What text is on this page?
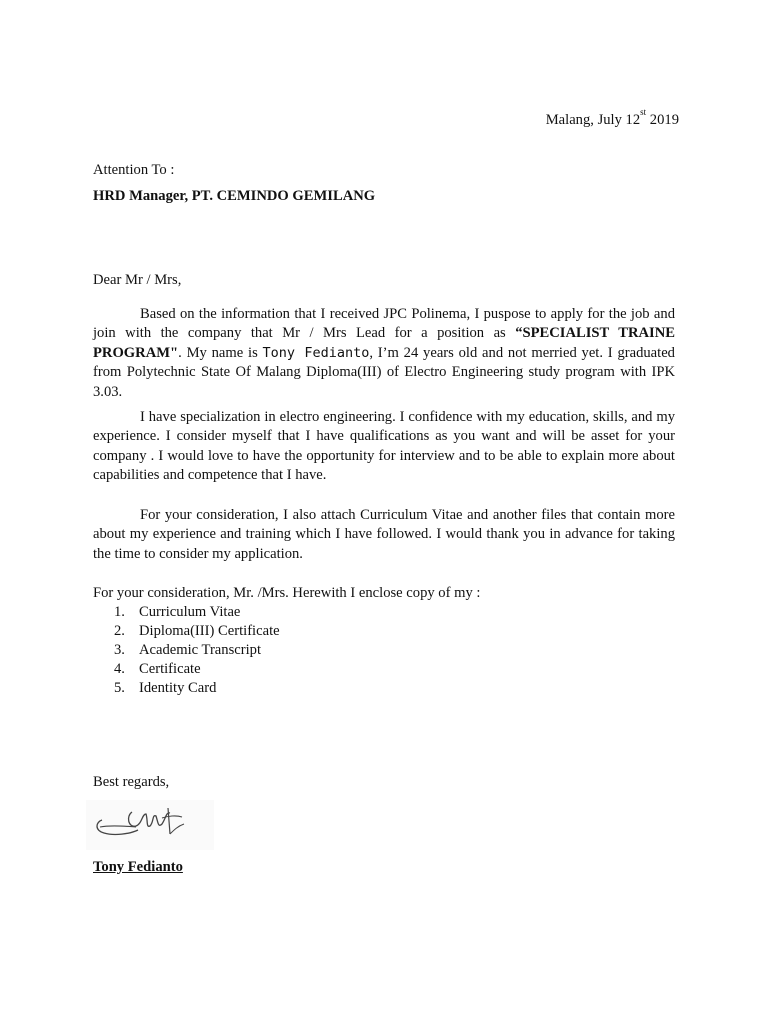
Malang, July 12st 2019
Attention To :
HRD Manager, PT. CEMINDO GEMILANG
Dear Mr / Mrs,

Based on the information that I received JPC Polinema, I puspose to apply for the job and join with the company that Mr / Mrs Lead for a position as “SPECIALIST TRAINE PROGRAM". My name is Tony Fedianto, I’m 24 years old and not merried yet. I graduated from Polytechnic State Of Malang Diploma(III) of Electro Engineering study program with IPK 3.03.

I have specialization in electro engineering. I confidence with my education, skills, and my experience. I consider myself that I have qualifications as you want and will be asset for your company . I would love to have the opportunity for interview and to be able to explain more about capabilities and competence that I have.

For your consideration, I also attach Curriculum Vitae and another files that contain more about my experience and training which I have followed. I would thank you in advance for taking the time to consider my application.

For your consideration, Mr. /Mrs. Herewith I enclose copy of my :
1. Curriculum Vitae
2. Diploma(III) Certificate
3. Academic Transcript
4. Certificate
5. Identity Card
Best regards,
Tony Fedianto
